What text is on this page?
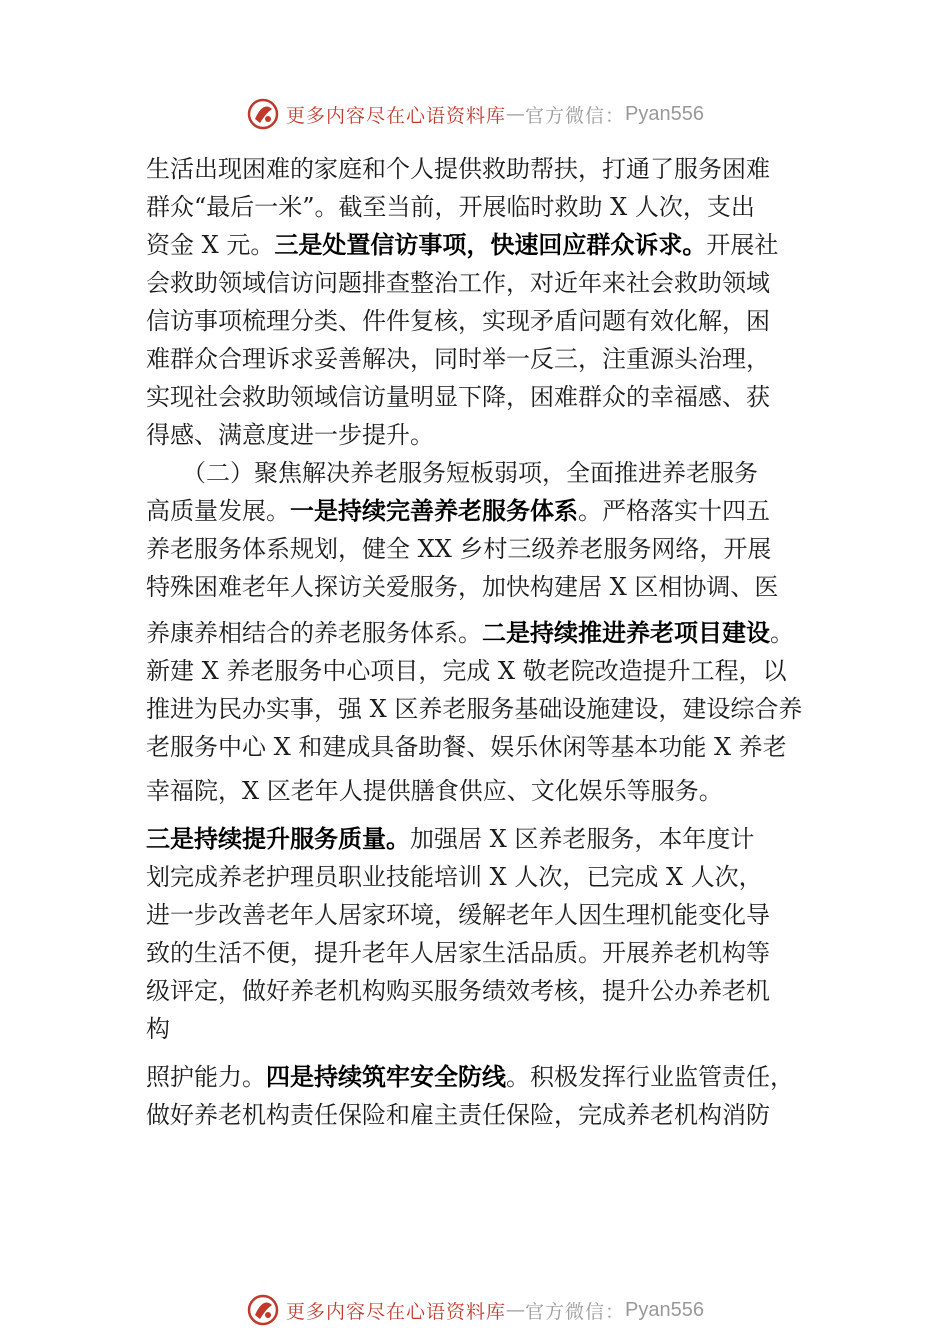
更多内容尽在心语资料库 — 官方微信： Pyan556
生活出现困难的家庭和个人提供救助帮扶，打通了服务困难
群众“最后一米”。截至当前，开展临时救助 X 人次，支出
资金 X 元。三是处置信访事项，快速回应群众诉求。开展社
会救助领域信访问题排查整治工作，对近年来社会救助领域
信访事项梳理分类、件件复核，实现矛盾问题有效化解，困
难群众合理诉求妥善解决，同时举一反三，注重源头治理，
实现社会救助领域信访量明显下降，困难群众的幸福感、获
得感、满意度进一步提升。
　　（二）聚焦解决养老服务短板弱项，全面推进养老服务
高质量发展。一是持续完善养老服务体系。严格落实十四五
养老服务体系规划，健全 XX 乡村三级养老服务网络，开展
特殊困难老年人探访关爱服务，加快构建居 X 区相协调、医
养康养相结合的养老服务体系。二是持续推进养老项目建设。
新建 X 养老服务中心项目，完成 X 敬老院改造提升工程，以
推进为民办实事，强 X 区养老服务基础设施建设，建设综合养
老服务中心 X 和建成具备助餐、娱乐休闲等基本功能 X 养老
幸福院，X 区老年人提供膳食供应、文化娱乐等服务。
三是持续提升服务质量。加强居 X 区养老服务，本年度计
划完成养老护理员职业技能培训 X 人次，已完成 X 人次，
进一步改善老年人居家环境，缓解老年人因生理机能变化导
致的生活不便，提升老年人居家生活品质。开展养老机构等
级评定，做好养老机构购买服务绩效考核，提升公办养老机
构
照护能力。四是持续筑牢安全防线。积极发挥行业监管责任，
做好养老机构责任保险和雇主责任保险，完成养老机构消防
更多内容尽在心语资料库 — 官方微信： Pyan556
